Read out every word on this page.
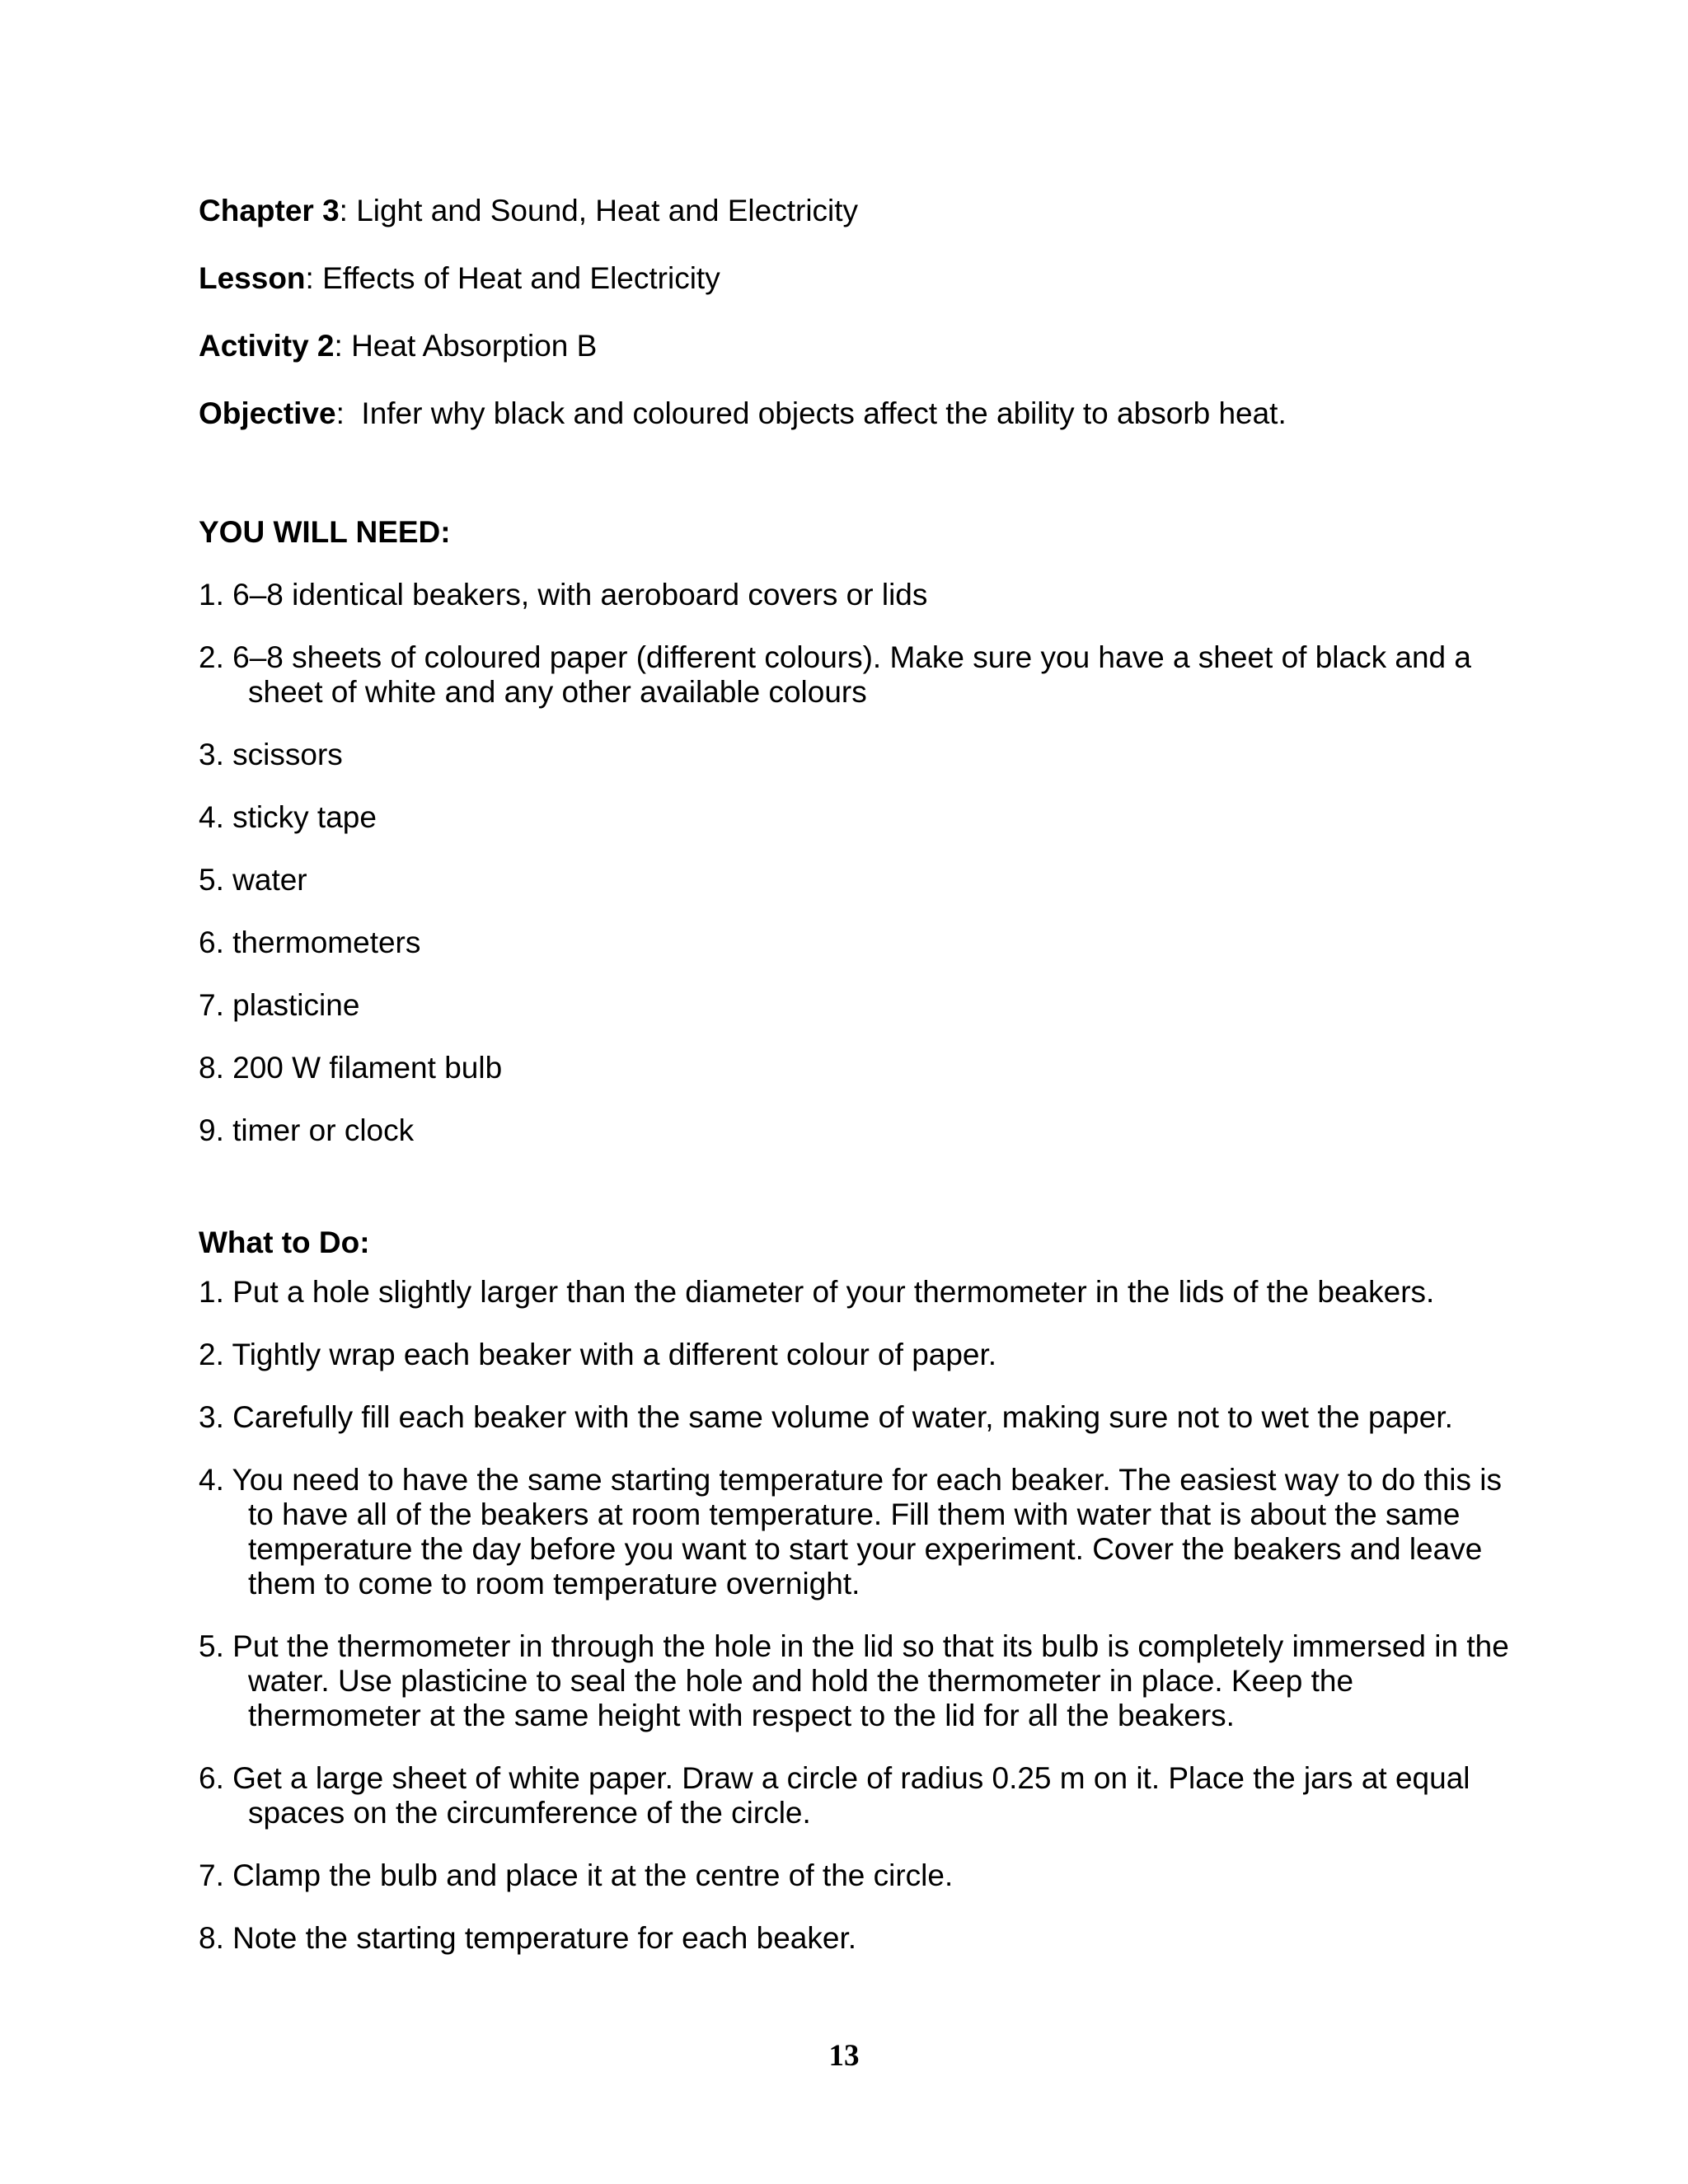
Chapter 3: Light and Sound, Heat and Electricity

Lesson: Effects of Heat and Electricity

Activity 2: Heat Absorption B

Objective:  Infer why black and coloured objects affect the ability to absorb heat.

YOU WILL NEED:
1. 6–8 identical beakers, with aeroboard covers or lids
2. 6–8 sheets of coloured paper (different colours). Make sure you have a sheet of black and a sheet of white and any other available colours
3. scissors
4. sticky tape
5. water
6. thermometers
7. plasticine
8. 200 W filament bulb
9. timer or clock
What to Do:
1. Put a hole slightly larger than the diameter of your thermometer in the lids of the beakers.
2. Tightly wrap each beaker with a different colour of paper.
3. Carefully fill each beaker with the same volume of water, making sure not to wet the paper.
4. You need to have the same starting temperature for each beaker. The easiest way to do this is to have all of the beakers at room temperature. Fill them with water that is about the same temperature the day before you want to start your experiment. Cover the beakers and leave them to come to room temperature overnight.
5. Put the thermometer in through the hole in the lid so that its bulb is completely immersed in the water. Use plasticine to seal the hole and hold the thermometer in place. Keep the thermometer at the same height with respect to the lid for all the beakers.
6. Get a large sheet of white paper. Draw a circle of radius 0.25 m on it. Place the jars at equal spaces on the circumference of the circle.
7. Clamp the bulb and place it at the centre of the circle.
8. Note the starting temperature for each beaker.
13
